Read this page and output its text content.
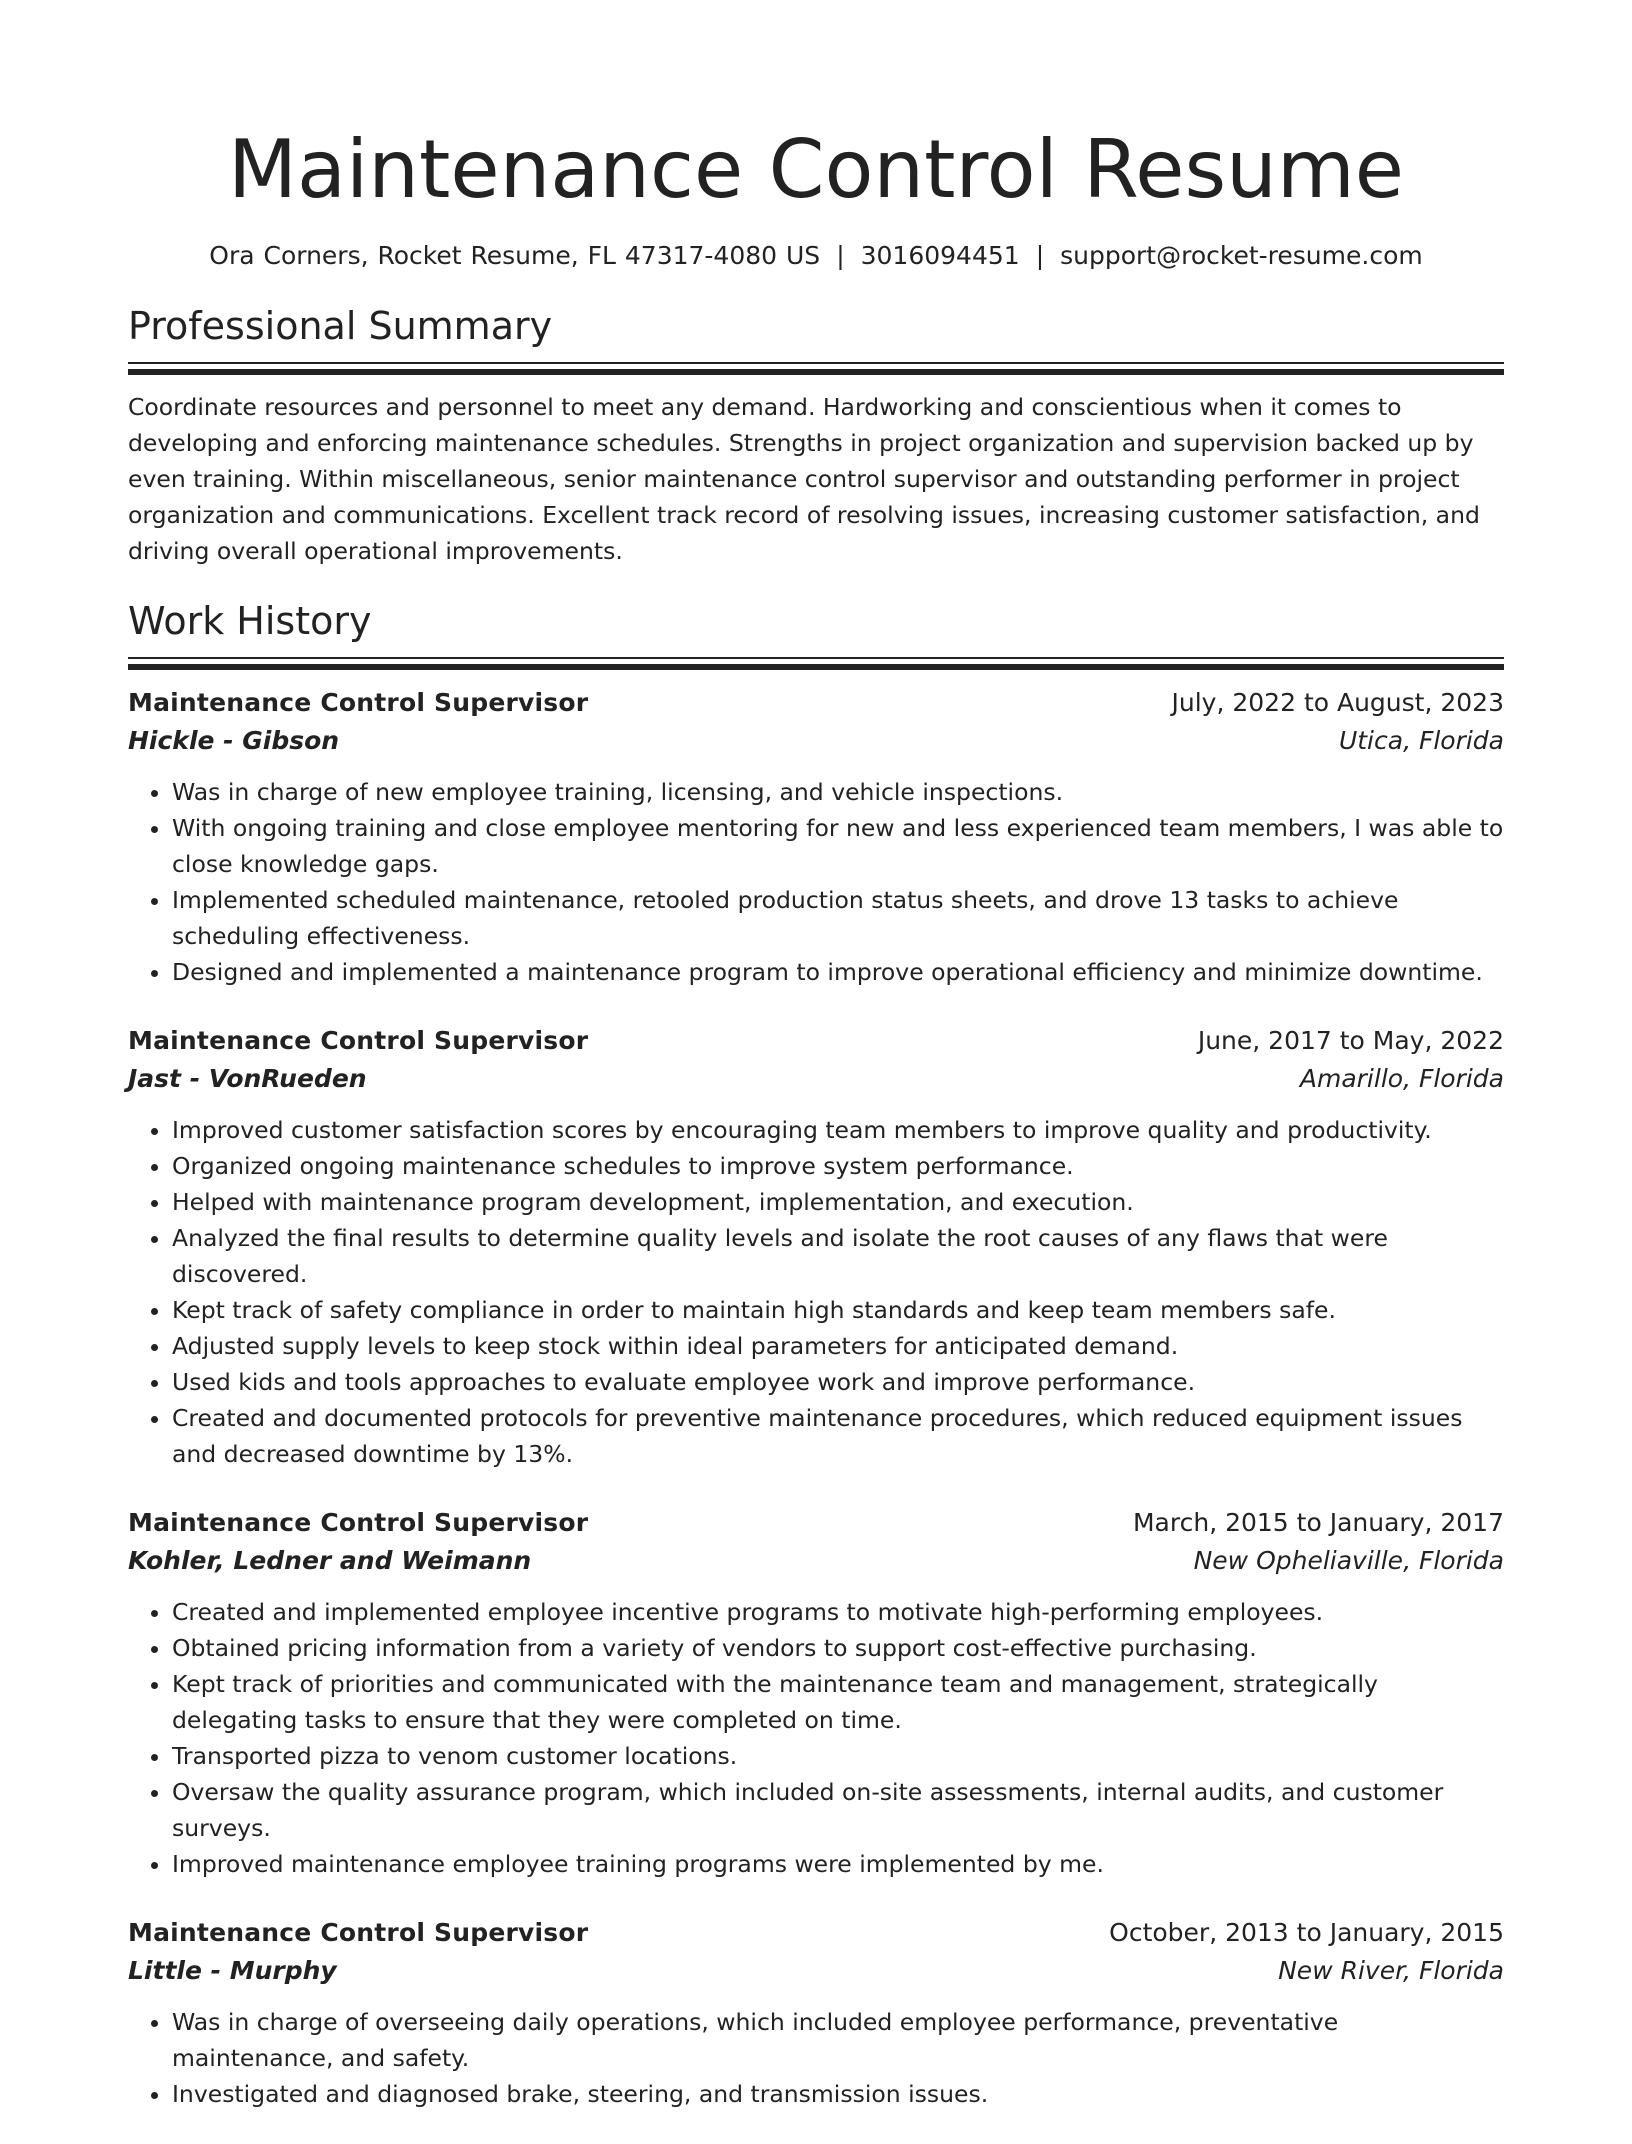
Maintenance Control Resume
Ora Corners, Rocket Resume, FL 47317-4080 US | 3016094451 | support@rocket-resume.com
Professional Summary
Coordinate resources and personnel to meet any demand. Hardworking and conscientious when it comes to developing and enforcing maintenance schedules. Strengths in project organization and supervision backed up by even training. Within miscellaneous, senior maintenance control supervisor and outstanding performer in project organization and communications. Excellent track record of resolving issues, increasing customer satisfaction, and driving overall operational improvements.
Work History
Maintenance Control Supervisor	July, 2022 to August, 2023
Hickle - Gibson	Utica, Florida
• Was in charge of new employee training, licensing, and vehicle inspections.
• With ongoing training and close employee mentoring for new and less experienced team members, I was able to close knowledge gaps.
• Implemented scheduled maintenance, retooled production status sheets, and drove 13 tasks to achieve scheduling effectiveness.
• Designed and implemented a maintenance program to improve operational efficiency and minimize downtime.
Maintenance Control Supervisor	June, 2017 to May, 2022
Jast - VonRueden	Amarillo, Florida
• Improved customer satisfaction scores by encouraging team members to improve quality and productivity.
• Organized ongoing maintenance schedules to improve system performance.
• Helped with maintenance program development, implementation, and execution.
• Analyzed the final results to determine quality levels and isolate the root causes of any flaws that were discovered.
• Kept track of safety compliance in order to maintain high standards and keep team members safe.
• Adjusted supply levels to keep stock within ideal parameters for anticipated demand.
• Used kids and tools approaches to evaluate employee work and improve performance.
• Created and documented protocols for preventive maintenance procedures, which reduced equipment issues and decreased downtime by 13%.
Maintenance Control Supervisor	March, 2015 to January, 2017
Kohler, Ledner and Weimann	New Opheliaville, Florida
• Created and implemented employee incentive programs to motivate high-performing employees.
• Obtained pricing information from a variety of vendors to support cost-effective purchasing.
• Kept track of priorities and communicated with the maintenance team and management, strategically delegating tasks to ensure that they were completed on time.
• Transported pizza to venom customer locations.
• Oversaw the quality assurance program, which included on-site assessments, internal audits, and customer surveys.
• Improved maintenance employee training programs were implemented by me.
Maintenance Control Supervisor	October, 2013 to January, 2015
Little - Murphy	New River, Florida
• Was in charge of overseeing daily operations, which included employee performance, preventative maintenance, and safety.
• Investigated and diagnosed brake, steering, and transmission issues.
